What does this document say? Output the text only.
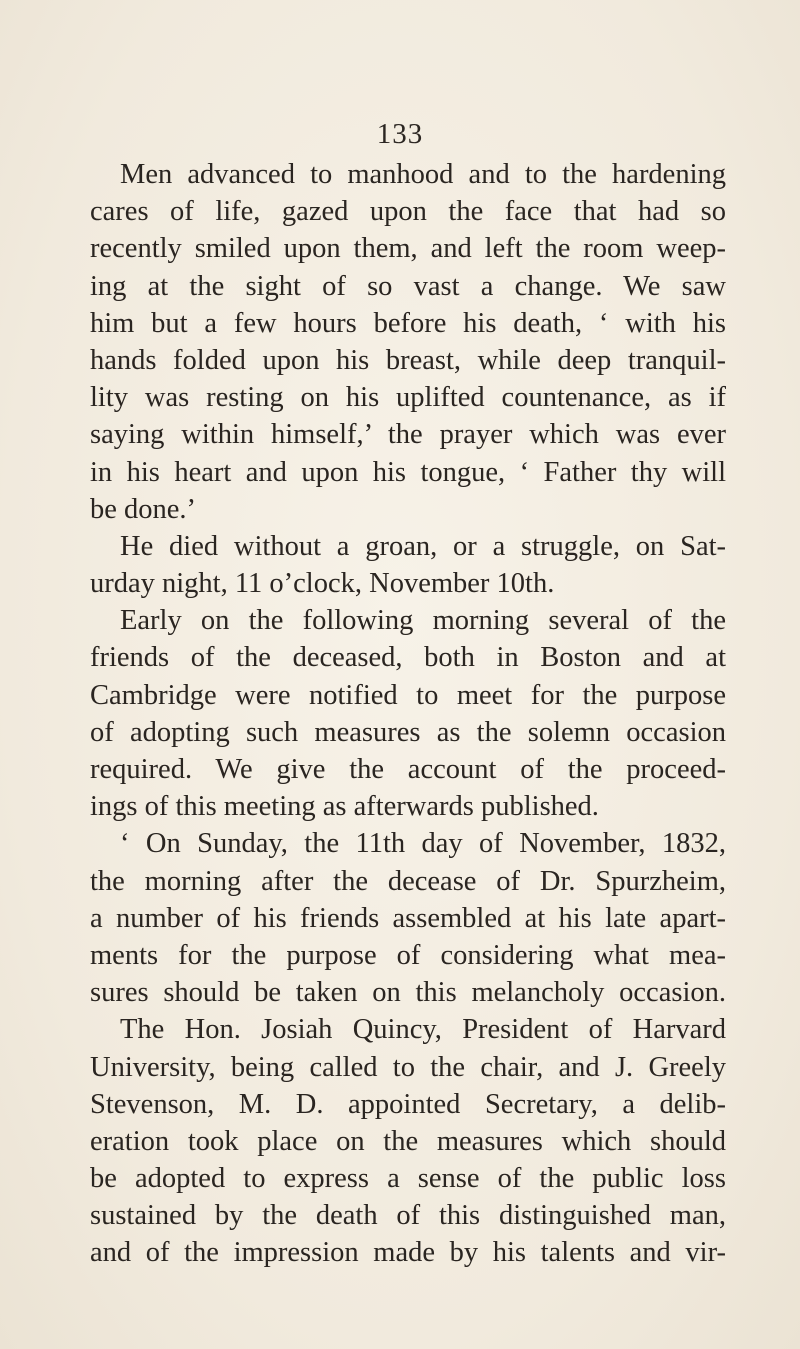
133
Men advanced to manhood and to the hardening
cares of life, gazed upon the face that had so
recently smiled upon them, and left the room weep-
ing at the sight of so vast a change. We saw
him but a few hours before his death, ‘ with his
hands folded upon his breast, while deep tranquil-
lity was resting on his uplifted countenance, as if
saying within himself,’ the prayer which was ever
in his heart and upon his tongue, ‘ Father thy will
be done.’
He died without a groan, or a struggle, on Sat-
urday night, 11 o’clock, November 10th.
Early on the following morning several of the
friends of the deceased, both in Boston and at
Cambridge were notified to meet for the purpose
of adopting such measures as the solemn occasion
required. We give the account of the proceed-
ings of this meeting as afterwards published.
‘ On Sunday, the 11th day of November, 1832,
the morning after the decease of Dr. Spurzheim,
a number of his friends assembled at his late apart-
ments for the purpose of considering what mea-
sures should be taken on this melancholy occasion.
The Hon. Josiah Quincy, President of Harvard
University, being called to the chair, and J. Greely
Stevenson, M. D. appointed Secretary, a delib-
eration took place on the measures which should
be adopted to express a sense of the public loss
sustained by the death of this distinguished man,
and of the impression made by his talents and vir-
